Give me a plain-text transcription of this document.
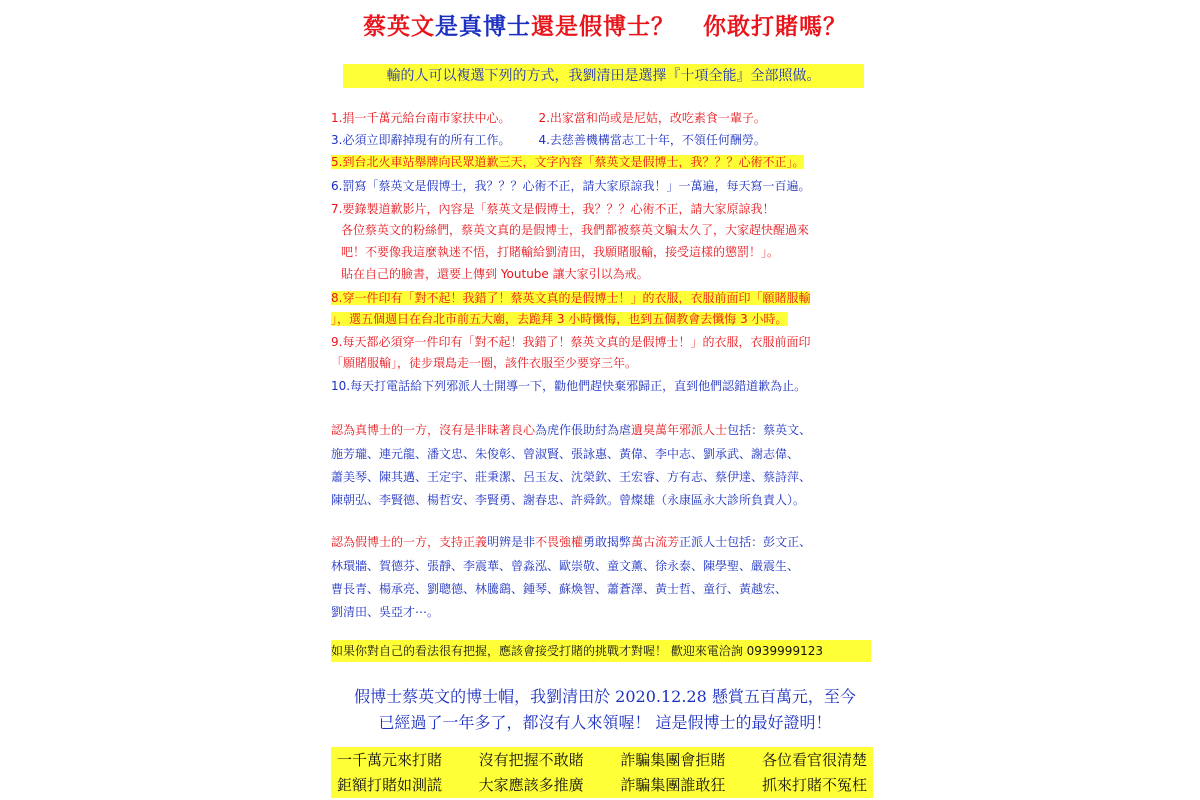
蔡英文是真博士還是假博士？ 你敢打賭嗎？
輸的人可以複選下列的方式，我劉清田是選擇『十項全能』全部照做。
1.捐一千萬元給台南市家扶中心。 2.出家當和尚或是尼姑，改吃素食一輩子。
3.必須立即辭掉現有的所有工作。 4.去慈善機構當志工十年，不領任何酬勞。
5.到台北火車站舉牌向民眾道歉三天，文字內容「蔡英文是假博士，我？？？心術不正」。
6.罰寫「蔡英文是假博士，我？？？心術不正，請大家原諒我！」一萬遍，每天寫一百遍。
7.要錄製道歉影片，內容是「蔡英文是假博士，我？？？心術不正，請大家原諒我！
各位蔡英文的粉絲們，蔡英文真的是假博士，我們都被蔡英文騙太久了，大家趕快醒過來
吧！不要像我這麼執迷不悟，打賭輸給劉清田，我願賭服輸，接受這樣的懲罰！」。
貼在自己的臉書，還要上傳到 Youtube 讓大家引以為戒。
8.穿一件印有「對不起！我錯了！蔡英文真的是假博士！」的衣服，衣服前面印「願賭服輸
」，選五個週日在台北市前五大廟，去跪拜 3 小時懺悔，也到五個教會去懺悔 3 小時。
9.每天都必須穿一件印有「對不起！我錯了！蔡英文真的是假博士！」的衣服，衣服前面印
「願賭服輸」，徒步環島走一圈，該件衣服至少要穿三年。
10.每天打電話給下列邪派人士開導一下，勸他們趕快棄邪歸正，直到他們認錯道歉為止。
認為真博士的一方，沒有是非昧著良心為虎作倀助紂為虐遺臭萬年邪派人士包括：蔡英文、
施芳瓏、連元龍、潘文忠、朱俊彰、曾淑賢、張詠惠、黃偉、李中志、劉承武、謝志偉、
蕭美琴、陳其邁、王定宇、莊秉潔、呂玉友、沈榮欽、王宏睿、方有志、蔡伊達、蔡詩萍、
陳朝弘、李賢德、楊哲安、李賢勇、謝春忠、許舜欽。曾燦雄（永康區永大診所負責人）。
認為假博士的一方，支持正義明辨是非不畏強權勇敢揭弊萬古流芳正派人士包括：彭文正、
林環牆、賀德芬、張靜、李震華、曾淼泓、歐崇敬、童文薰、徐永泰、陳學聖、嚴震生、
曹長青、楊承亮、劉聰德、林騰鷂、鍾琴、蘇煥智、蕭蒼澤、黃士哲、童行、黃越宏、
劉清田、吳亞才⋯。
如果你對自己的看法很有把握，應該會接受打賭的挑戰才對喔！ 歡迎來電洽詢 0939999123
假博士蔡英文的博士帽，我劉清田於 2020.12.28 懸賞五百萬元，至今
已經過了一年多了，都沒有人來領喔！ 這是假博士的最好證明！
一千萬元來打賭 沒有把握不敢賭 詐騙集團會拒賭 各位看官很清楚
鉅額打賭如測謊 大家應該多推廣 詐騙集團誰敢狂 抓來打賭不冤枉
